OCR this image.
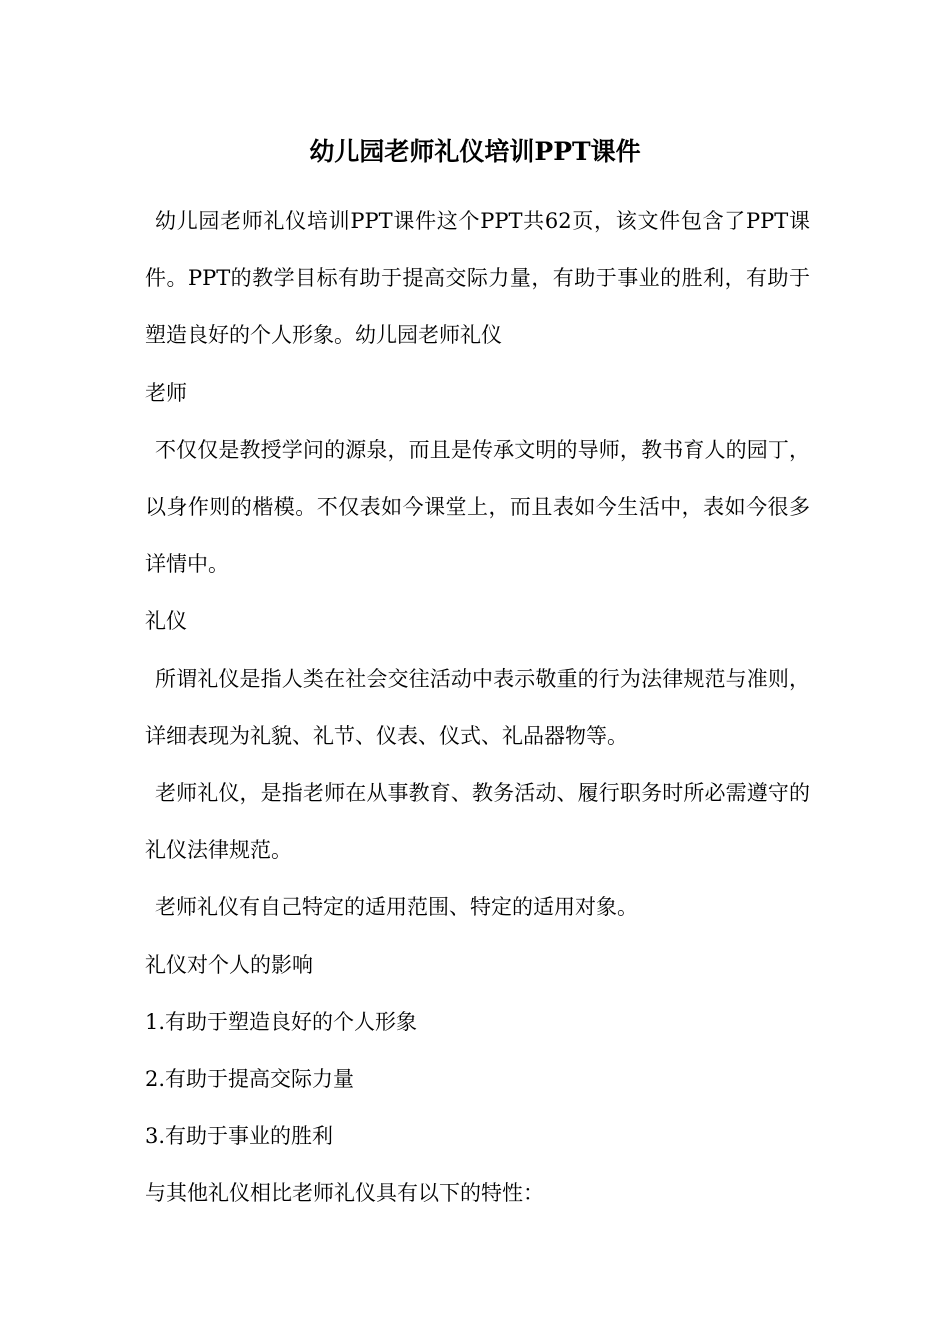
幼儿园老师礼仪培训PPT课件

幼儿园老师礼仪培训PPT课件这个PPT共62页，该文件包含了PPT课件。PPT的教学目标有助于提高交际力量，有助于事业的胜利，有助于塑造良好的个人形象。幼儿园老师礼仪

老师

不仅仅是教授学问的源泉，而且是传承文明的导师，教书育人的园丁，以身作则的楷模。不仅表如今课堂上，而且表如今生活中，表如今很多详情中。

礼仪

所谓礼仪是指人类在社会交往活动中表示敬重的行为法律规范与准则，详细表现为礼貌、礼节、仪表、仪式、礼品器物等。

老师礼仪，是指老师在从事教育、教务活动、履行职务时所必需遵守的礼仪法律规范。

老师礼仪有自己特定的适用范围、特定的适用对象。

礼仪对个人的影响

1.有助于塑造良好的个人形象

2.有助于提高交际力量

3.有助于事业的胜利

与其他礼仪相比老师礼仪具有以下的特性：
